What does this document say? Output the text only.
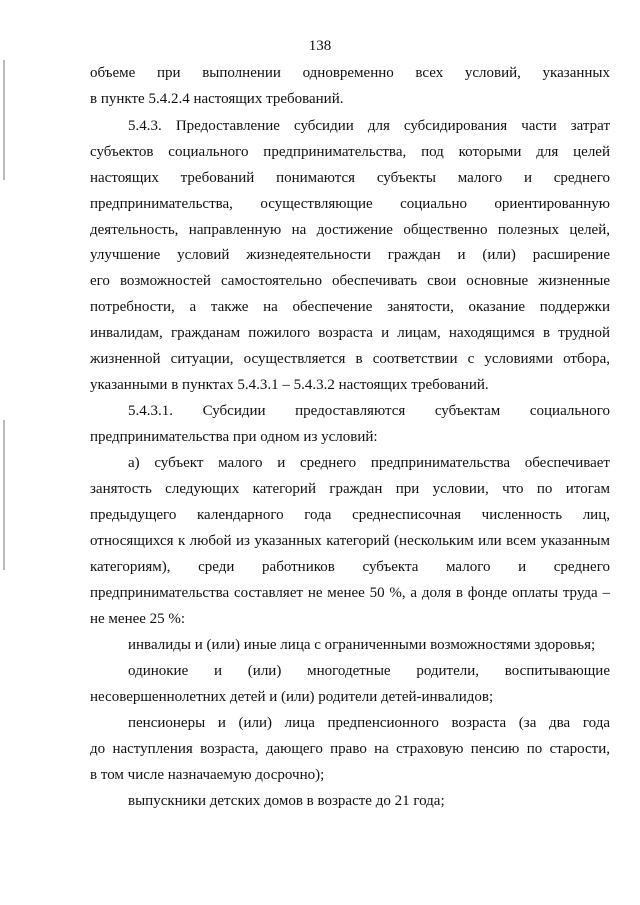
138
объеме при выполнении одновременно всех условий, указанных
в пункте 5.4.2.4 настоящих требований.
5.4.3. Предоставление субсидии для субсидирования части затрат
субъектов социального предпринимательства, под которыми для целей
настоящих требований понимаются субъекты малого и среднего
предпринимательства, осуществляющие социально ориентированную
деятельность, направленную на достижение общественно полезных целей,
улучшение условий жизнедеятельности граждан и (или) расширение
его возможностей самостоятельно обеспечивать свои основные жизненные
потребности, а также на обеспечение занятости, оказание поддержки
инвалидам, гражданам пожилого возраста и лицам, находящимся в трудной
жизненной ситуации, осуществляется в соответствии с условиями отбора,
указанными в пунктах 5.4.3.1 – 5.4.3.2 настоящих требований.
5.4.3.1. Субсидии предоставляются субъектам социального
предпринимательства при одном из условий:
а) субъект малого и среднего предпринимательства обеспечивает
занятость следующих категорий граждан при условии, что по итогам
предыдущего календарного года среднесписочная численность лиц,
относящихся к любой из указанных категорий (нескольким или всем указанным
категориям), среди работников субъекта малого и среднего
предпринимательства составляет не менее 50 %, а доля в фонде оплаты труда –
не менее 25 %:
инвалиды и (или) иные лица с ограниченными возможностями здоровья;
одинокие и (или) многодетные родители, воспитывающие
несовершеннолетних детей и (или) родители детей-инвалидов;
пенсионеры и (или) лица предпенсионного возраста (за два года
до наступления возраста, дающего право на страховую пенсию по старости,
в том числе назначаемую досрочно);
выпускники детских домов в возрасте до 21 года;
